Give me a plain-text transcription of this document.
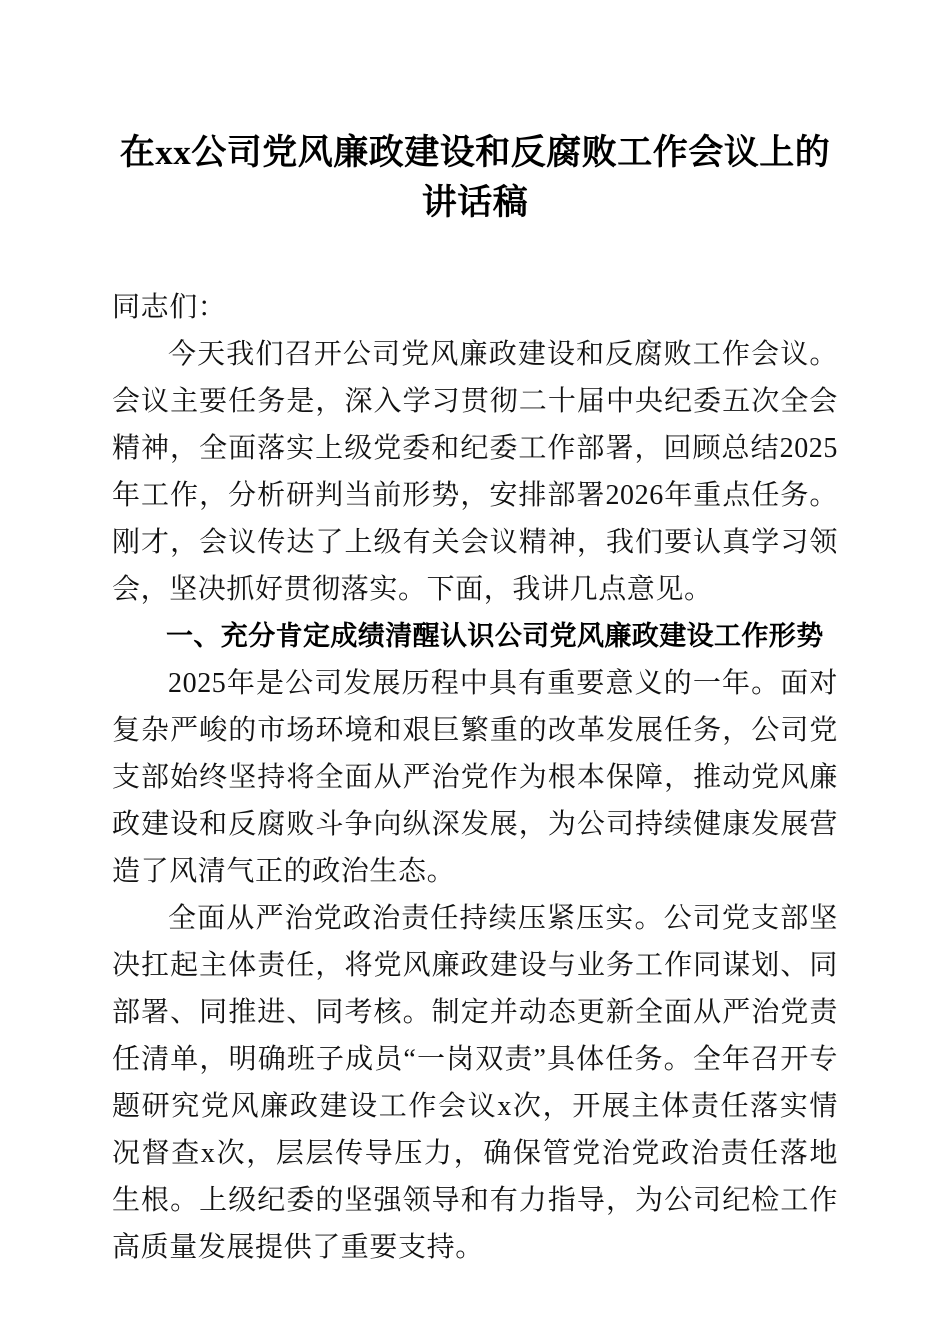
在xx公司党风廉政建设和反腐败工作会议上的讲话稿

同志们：

今天我们召开公司党风廉政建设和反腐败工作会议。会议主要任务是，深入学习贯彻二十届中央纪委五次全会精神，全面落实上级党委和纪委工作部署，回顾总结2025年工作，分析研判当前形势，安排部署2026年重点任务。刚才，会议传达了上级有关会议精神，我们要认真学习领会，坚决抓好贯彻落实。下面，我讲几点意见。

一、充分肯定成绩清醒认识公司党风廉政建设工作形势

2025年是公司发展历程中具有重要意义的一年。面对复杂严峻的市场环境和艰巨繁重的改革发展任务，公司党支部始终坚持将全面从严治党作为根本保障，推动党风廉政建设和反腐败斗争向纵深发展，为公司持续健康发展营造了风清气正的政治生态。

全面从严治党政治责任持续压紧压实。公司党支部坚决扛起主体责任，将党风廉政建设与业务工作同谋划、同部署、同推进、同考核。制定并动态更新全面从严治党责任清单，明确班子成员“一岗双责”具体任务。全年召开专题研究党风廉政建设工作会议x次，开展主体责任落实情况督查x次，层层传导压力，确保管党治党政治责任落地生根。上级纪委的坚强领导和有力指导，为公司纪检工作高质量发展提供了重要支持。
